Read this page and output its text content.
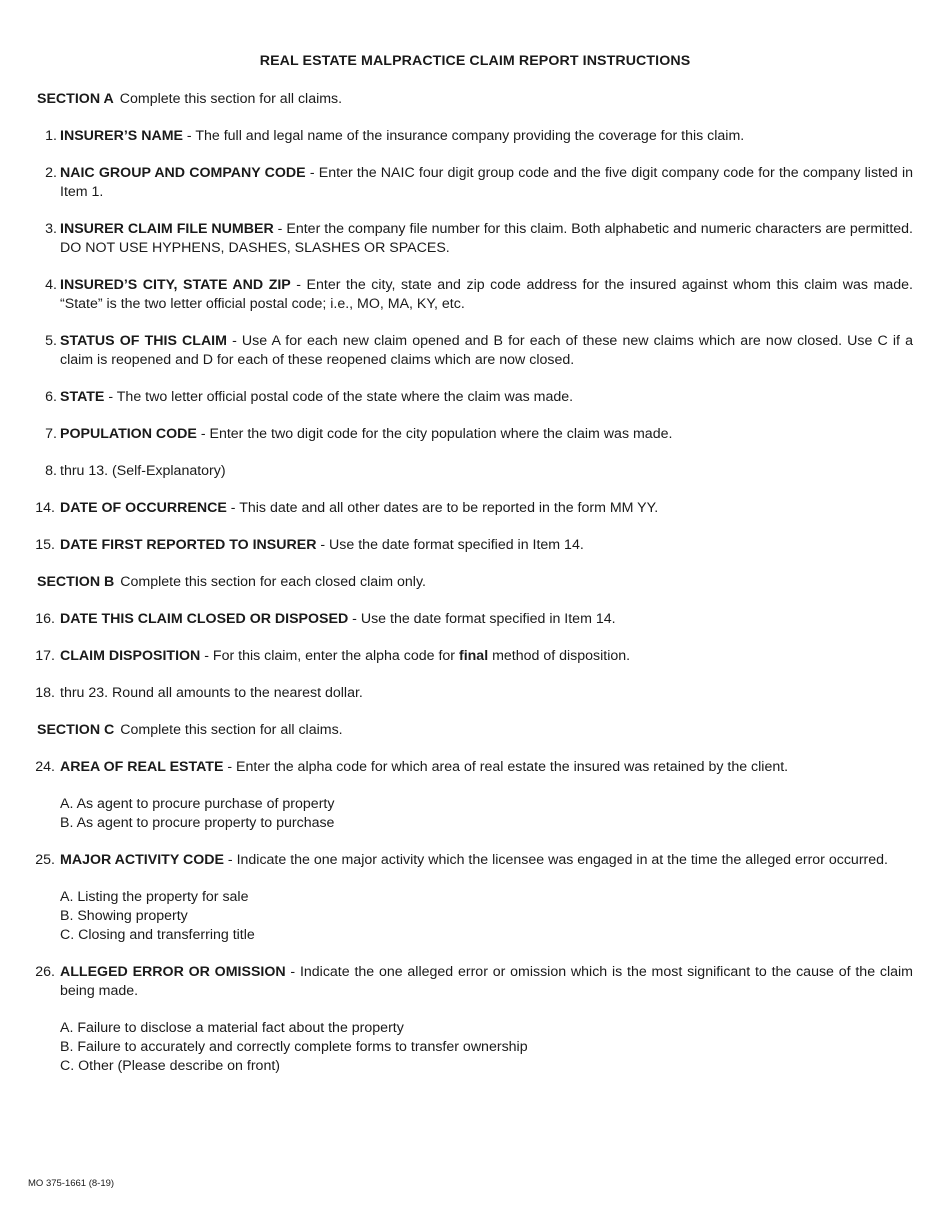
REAL ESTATE MALPRACTICE CLAIM REPORT INSTRUCTIONS
SECTION A Complete this section for all claims.
1. INSURER’S NAME - The full and legal name of the insurance company providing the coverage for this claim.
2. NAIC GROUP AND COMPANY CODE - Enter the NAIC four digit group code and the five digit company code for the company listed in Item 1.
3. INSURER CLAIM FILE NUMBER - Enter the company file number for this claim. Both alphabetic and numeric characters are permitted. DO NOT USE HYPHENS, DASHES, SLASHES OR SPACES.
4. INSURED’S CITY, STATE AND ZIP - Enter the city, state and zip code address for the insured against whom this claim was made. “State” is the two letter official postal code; i.e., MO, MA, KY, etc.
5. STATUS OF THIS CLAIM - Use A for each new claim opened and B for each of these new claims which are now closed. Use C if a claim is reopened and D for each of these reopened claims which are now closed.
6. STATE - The two letter official postal code of the state where the claim was made.
7. POPULATION CODE - Enter the two digit code for the city population where the claim was made.
8. thru 13. (Self-Explanatory)
14. DATE OF OCCURRENCE - This date and all other dates are to be reported in the form MM YY.
15. DATE FIRST REPORTED TO INSURER - Use the date format specified in Item 14.
SECTION B Complete this section for each closed claim only.
16. DATE THIS CLAIM CLOSED OR DISPOSED - Use the date format specified in Item 14.
17. CLAIM DISPOSITION - For this claim, enter the alpha code for final method of disposition.
18. thru 23. Round all amounts to the nearest dollar.
SECTION C Complete this section for all claims.
24. AREA OF REAL ESTATE - Enter the alpha code for which area of real estate the insured was retained by the client.
A. As agent to procure purchase of property
B. As agent to procure property to purchase
25. MAJOR ACTIVITY CODE - Indicate the one major activity which the licensee was engaged in at the time the alleged error occurred.
A. Listing the property for sale
B. Showing property
C. Closing and transferring title
26. ALLEGED ERROR OR OMISSION - Indicate the one alleged error or omission which is the most significant to the cause of the claim being made.
A. Failure to disclose a material fact about the property
B. Failure to accurately and correctly complete forms to transfer ownership
C. Other (Please describe on front)
MO 375-1661 (8-19)
